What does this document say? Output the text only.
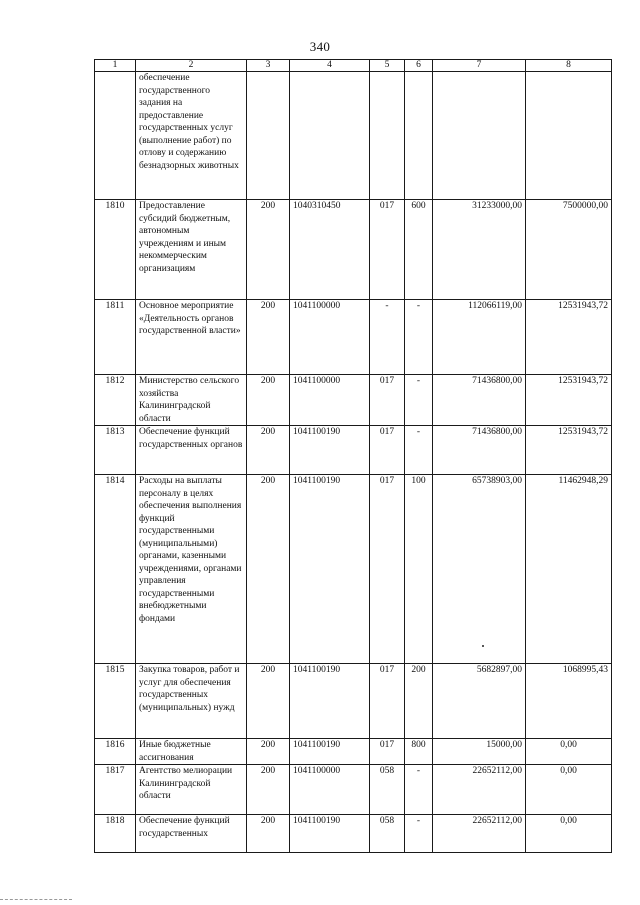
340
1	2	3	4	5	6	7	8
	обеспечение государственного задания на предоставление государственных услуг (выполнение работ) по отлову и содержанию безнадзорных животных						
1810	Предоставление субсидий бюджетным, автономным учреждениям и иным некоммерческим организациям	200	1040310450	017	600	31233000,00	7500000,00
1811	Основное мероприятие «Деятельность органов государственной власти»	200	1041100000	-	-	112066119,00	12531943,72
1812	Министерство сельского хозяйства Калининградской области	200	1041100000	017	-	71436800,00	12531943,72
1813	Обеспечение функций государственных органов	200	1041100190	017	-	71436800,00	12531943,72
1814	Расходы на выплаты персоналу в целях обеспечения выполнения функций государственными (муниципальными) органами, казенными учреждениями, органами управления государственными внебюджетными фондами	200	1041100190	017	100	65738903,00	11462948,29
1815	Закупка товаров, работ и услуг для обеспечения государственных (муниципальных) нужд	200	1041100190	017	200	5682897,00	1068995,43
1816	Иные бюджетные ассигнования	200	1041100190	017	800	15000,00	0,00
1817	Агентство мелиорации Калининградской области	200	1041100000	058	-	22652112,00	0,00
1818	Обеспечение функций государственных	200	1041100190	058	-	22652112,00	0,00
